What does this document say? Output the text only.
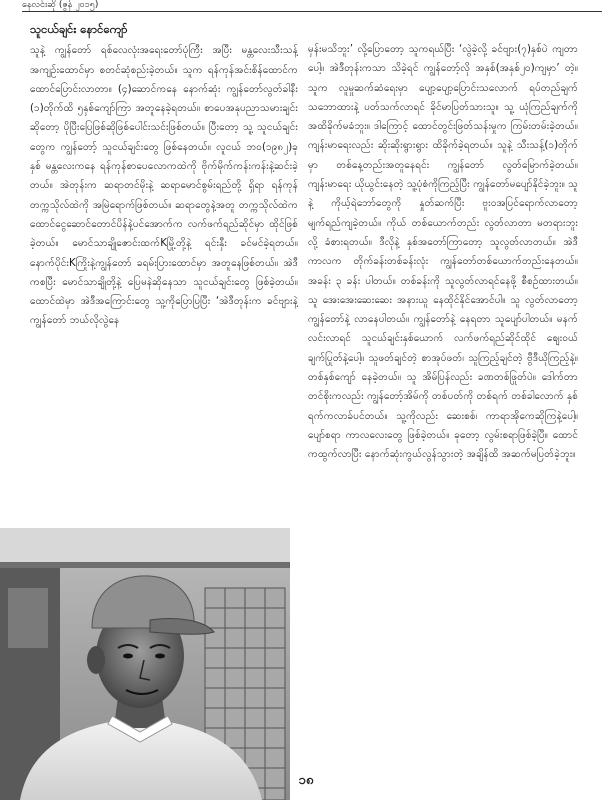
နေလင်းဆို (ဇွန် ၂၀၁၅)
သူငယ်ချင်း နောင်ကျော်

သူနဲ့ ကျွန်တော် ရစ်လေလုံးအရေးတော်ပုံကြီး အပြီး မန္တလေးသီးသန့် အကျဉ်းထောင်မှာ စတင်ဆုံစည်းခဲ့တယ်။ သူက ရန်ကုန်အင်းစိန်ထောင်က ထောင်ပြောင်းလာတာ။ (၄)ဆောင်ကနေ နောက်ဆုံး ကျွန်တော်လွတ်ခါနီး (၁)တိုက်ထိ ၅နှစ်ကျော်ကြာ အတူနေခဲ့ရတယ်။ စာပေအနုပညာသမားချင်းဆိုတော့ ပိုပြီးပြေဖြစ်ဆိုဖြစ်ပေါင်းသင်းဖြစ်တယ်။ ပြီးတော့ သူ့ သူငယ်ချင်းတွေက ကျွန်တော့် သူငယ်ချင်းတွေ ဖြစ်နေတယ်။ လူငယ် ဘ၀(၁၉၈၂)ခုနှစ် မန္တလေးကနေ ရန်ကုန်စာပေလောကထဲကို ဗိုက်မိုက်ကန်းကန်းနဲ့ဆင်းခဲ့တယ်။ အဲတုန်းက ဆရာတင်မိုးနဲ့ ဆရာမောင်စွမ်းရည်တို့ ရှိရာ ရန်ကုန်တက္ကသိုလ်ထဲကို အမြဲရောက်ဖြစ်တယ်။ ဆရာတွေနဲ့အတူ တက္ကသိုလ်ထဲက ထောင်ငွေဆောင်တောင်ပိန်နဲ့ပင်အောက်က လက်ဖက်ရည်ဆိုင်မှာ ထိုင်ဖြစ်ခဲ့တယ်။ မောင်သာချိုဇောင်းထက်Kမြို့တို့နဲ့ ရင်းနှီး ခင်မင်ခဲ့ရတယ်။ နောက်ပိုင်းKကြိုးနဲ့ကျွန်တော် ခရမ်းပြားထောင်မှာ အတူနေဖြစ်တယ်။ အဲဒီကစပြီး မောင်သာချိုတို့နဲ့ ပြေမနဲဆိုနေသာ သူငယ်ချင်းတွေ ဖြစ်ခဲ့တယ်။ ထောင်ထဲမှာ အဲဒီအကြောင်းတွေ သူ့ကိုပြောပြပြီး ‘အဲဒီတုန်းက ခင်ဗျားနဲ့ကျွန်တော် ဘယ်လိုလွဲနေ

မှန်းမသိဘူး’ လို့ပြောတော့ သူကရယ်ပြီး ‘လွဲခဲ့လို့ ခင်ဗျား(၇)နှစ်ပဲ ကျတာပေါ့။ အဲဒီတုန်းကသာ သိခဲ့ရင် ကျွန်တော့်လို အနှစ်(အနှစ်၂၀)ကျမှာ’ တဲ့။ သူက လူမှုဆက်ဆံရေးမှာ ပျော့ပျော့ပြောင်းသလောက် ရပ်တည်ချက်သဘောထားနဲ့ ပတ်သက်လာရင် ခိုင်မာပြတ်သားသူ။ သူ့ ယုံကြည်ချက်ကိုအထိခိုက်မခံဘူး။ ဒါကြောင့် ထောင်တွင်းဖြတ်သန်းမှုက ကြမ်းတမ်းခဲ့တယ်။ ကျန်းမာရေးလည်း ဆိုးဆိုးရွားရွား ထိခိုက်ခဲ့ရတယ်။ သူနဲ့ သီးသန့်(၁)တိုက်မှာ တစ်နေ့တည်းအတူနေရင်း ကျွန်တော် လွတ်မြောက်ခဲ့တယ်။ ကျန်းမာရေး ယိုယွင်းနေတဲ့ သူ့ပုံစံကိုကြည့်ပြီး ကျွန်တော်မပျော်နိုင်ခဲ့ဘူး။ သူနဲ့ ကိုယ့်ရဲဘော်တွေကို နှုတ်ဆက်ပြီး ဗူးဝအပြင်ရောက်လာတော့ မျက်ရည်ကျခဲ့တယ်။ ကိုယ် တစ်ယောက်တည်း လွတ်လာတာ မတရားဘူးလို့ ခံစားရတယ်။ ဒီလိုနဲ့ နှစ်အတော်ကြာတော့ သူလွတ်လာတယ်။ အဲဒီကာလက တိုက်ခန်းတစ်ခန်းလုံး ကျွန်တော်တစ်ယောက်တည်းနေတယ်။ အခန်း ၃ ခန်း ပါတယ်။ တစ်ခန်းကို သူလွတ်လာရင်နေဖို့ စီစဉ်ထားတယ်။ သူ အေးအေးဆေးဆေး အနားယူ နေထိုင်နိုင်အောင်ပါ။ သူ လွတ်လာတော့ ကျွန်တော်နဲ့ လာနေပါတယ်။ ကျွန်တော်နဲ့ နေရတာ သူပျော်ပါတယ်။ မနက်လင်းလာရင် သူငယ်ချင်းနှစ်ယောက် လက်ဖက်ရည်ဆိုင်ထိုင် စျေးဝယ် ချက်ပြုတ်နဲ့ပေါ့။ သူဖတ်ချင်တဲ့ စာအုပ်ဖတ်၊ သူကြည့်ချင်တဲ့ ဗွီဒီယိုကြည့်နဲ့။ တစ်နှစ်ကျော် နေခဲ့တယ်။ သူ အိမ်ပြန်လည်း ခဏတစ်ဖြုတ်ပဲ။ ဒေါက်တာတင်စိုးကလည်း ကျွန်တော့်အိမ်ကို တစ်ပတ်ကို တစ်ရက် တစ်ခါလောက် နှစ်ရက်ကလာခ်ပင်တယ်။ သူ့ကိုလည်း ဆေးစစ်၊ ကာရာအိုကေဆိုကြနဲ့ပေါ့။ ပျော်စရာ ကာလလေးတွေ ဖြစ်ခဲ့တယ်။ ခုတော့ လွမ်းစရာဖြစ်ခဲ့ပြီ။ ထောင်ကထွက်လာပြီး နောက်ဆုံးကွယ်လွန်သွားတဲ့ အချိန်ထိ အဆက်မပြတ်ခဲ့ဘူး။

၁၈
